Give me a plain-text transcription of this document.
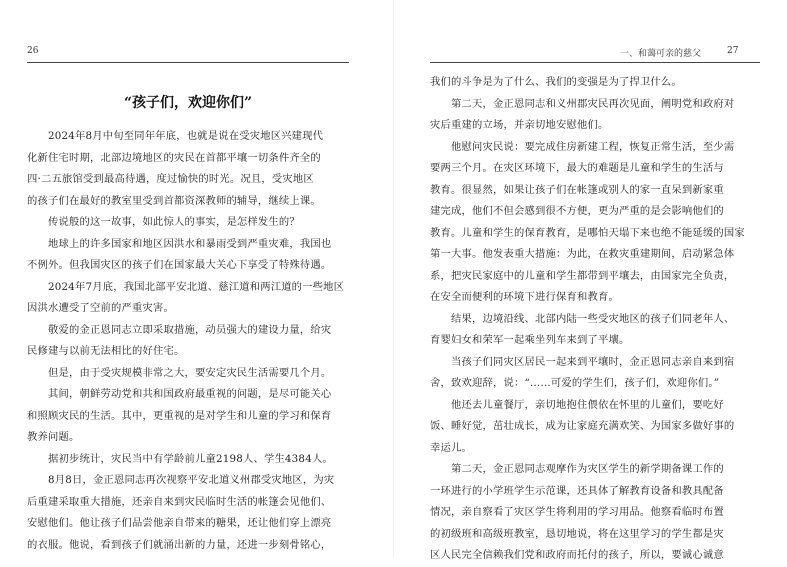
26
“孩子们，欢迎你们”
　　2024年8月中旬至同年年底，也就是说在受灾地区兴建现代
化新住宅时期，北部边境地区的灾民在首都平壤一切条件齐全的
四·二五旅馆受到最高待遇，度过愉快的时光。况且，受灾地区
的孩子们在最好的教室里受到首都资深教师的辅导，继续上课。
　　传说般的这一故事，如此惊人的事实，是怎样发生的？
　　地球上的许多国家和地区因洪水和暴雨受到严重灾难，我国也
不例外。但我国灾区的孩子们在国家最大关心下享受了特殊待遇。
　　2024年7月底，我国北部平安北道、慈江道和两江道的一些地区
因洪水遭受了空前的严重灾害。
　　敬爱的金正恩同志立即采取措施，动员强大的建设力量，给灾
民修建与以前无法相比的好住宅。
　　但是，由于受灾规模非常之大，要安定灾民生活需要几个月。
　　其间，朝鲜劳动党和共和国政府最重视的问题，是尽可能关心
和照顾灾民的生活。其中，更重视的是对学生和儿童的学习和保育
教养问题。
　　据初步统计，灾民当中有学龄前儿童2198人、学生4384人。
　　8月8日，金正恩同志再次视察平安北道义州郡受灾地区，为灾
后重建采取重大措施，还亲自来到灾民临时生活的帐篷会见他们、
安慰他们。他让孩子们品尝他亲自带来的糖果，还让他们穿上漂亮
的衣服。他说，看到孩子们就涌出新的力量，还进一步刻骨铭心，
一、和蔼可亲的慈父	27
我们的斗争是为了什么、我们的变强是为了捍卫什么。
　　第二天，金正恩同志和义州郡灾民再次见面，阐明党和政府对
灾后重建的立场，并亲切地安慰他们。
　　他慰问灾民说：要完成住房新建工程，恢复正常生活，至少需
要两三个月。在灾区环境下，最大的难题是儿童和学生的生活与
教育。很显然，如果让孩子们在帐篷或别人的家一直呆到新家重
建完成，他们不但会感到很不方便，更为严重的是会影响他们的
教育。儿童和学生的保育教育，是哪怕天塌下来也绝不能延缓的国家
第一大事。他发表重大措施：为此，在救灾重建期间，启动紧急体
系，把灾民家庭中的儿童和学生都带到平壤去，由国家完全负责，
在安全而便利的环境下进行保育和教育。
　　结果，边境沿线、北部内陆一些受灾地区的孩子们同老年人、
育婴妇女和荣军一起乘坐列车来到了平壤。
　　当孩子们同灾区居民一起来到平壤时，金正恩同志亲自来到宿
舍，致欢迎辞，说：“……可爱的学生们，孩子们，欢迎你们。”
　　他还去儿童餐厅，亲切地抱住偎依在怀里的儿童们，要吃好
饭、睡好觉，茁壮成长，成为让家庭充满欢笑、为国家多做好事的
幸运儿。
　　第二天，金正恩同志观摩作为灾区学生的新学期备课工作的
一环进行的小学班学生示范课，还具体了解教育设备和教具配备
情况，亲自察看了灾区学生将利用的学习用品。他察看临时布置
的初级班和高级班教室，恳切地说，将在这里学习的学生都是灾
区人民完全信赖我们党和政府而托付的孩子，所以，要诚心诚意
